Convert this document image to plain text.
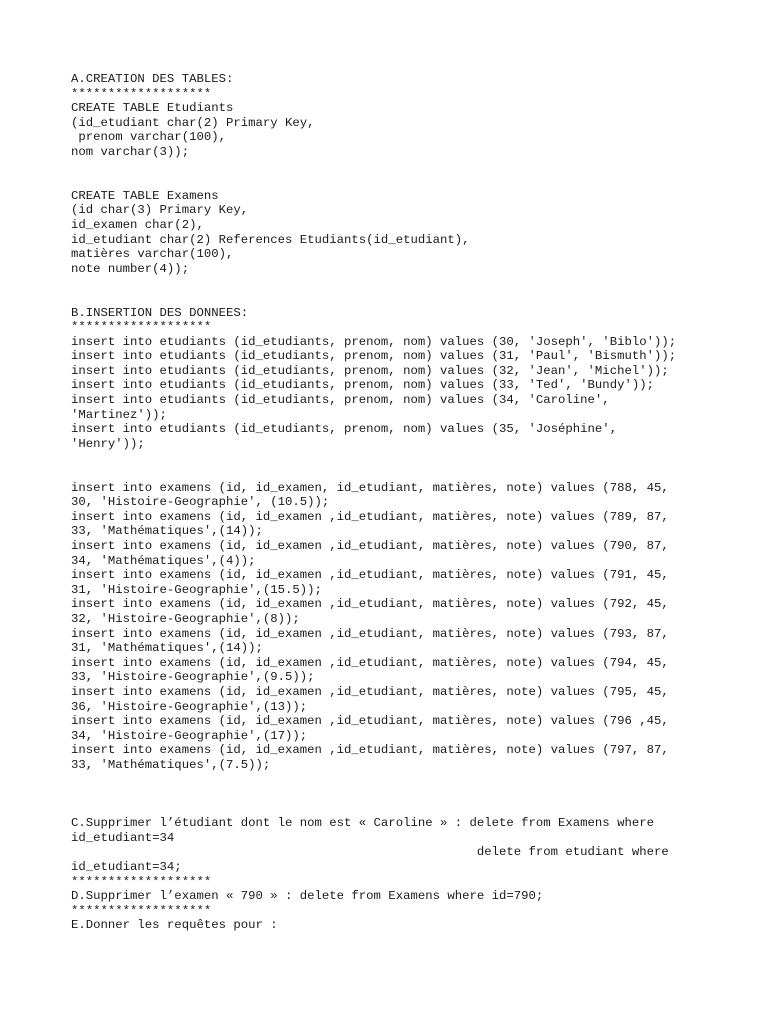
A.CREATION DES TABLES:
*******************
CREATE TABLE Etudiants
(id_etudiant char(2) Primary Key,
prenom varchar(100),
nom varchar(3));
CREATE TABLE Examens
(id char(3) Primary Key,
id_examen char(2),
id_etudiant char(2) References Etudiants(id_etudiant),
matières varchar(100),
note number(4));
B.INSERTION DES DONNEES:
*******************
insert into etudiants (id_etudiants, prenom, nom) values (30, 'Joseph', 'Biblo'));
insert into etudiants (id_etudiants, prenom, nom) values (31, 'Paul', 'Bismuth'));
insert into etudiants (id_etudiants, prenom, nom) values (32, 'Jean', 'Michel'));
insert into etudiants (id_etudiants, prenom, nom) values (33, 'Ted', 'Bundy'));
insert into etudiants (id_etudiants, prenom, nom) values (34, 'Caroline',
'Martinez'));
insert into etudiants (id_etudiants, prenom, nom) values (35, 'Joséphine',
'Henry'));
insert into examens (id, id_examen, id_etudiant, matières, note) values (788, 45,
30, 'Histoire-Geographie', (10.5));
insert into examens (id, id_examen ,id_etudiant, matières, note) values (789, 87,
33, 'Mathématiques',(14));
insert into examens (id, id_examen ,id_etudiant, matières, note) values (790, 87,
34, 'Mathématiques',(4));
insert into examens (id, id_examen ,id_etudiant, matières, note) values (791, 45,
31, 'Histoire-Geographie',(15.5));
insert into examens (id, id_examen ,id_etudiant, matières, note) values (792, 45,
32, 'Histoire-Geographie',(8));
insert into examens (id, id_examen ,id_etudiant, matières, note) values (793, 87,
31, 'Mathématiques',(14));
insert into examens (id, id_examen ,id_etudiant, matières, note) values (794, 45,
33, 'Histoire-Geographie',(9.5));
insert into examens (id, id_examen ,id_etudiant, matières, note) values (795, 45,
36, 'Histoire-Geographie',(13));
insert into examens (id, id_examen ,id_etudiant, matières, note) values (796 ,45,
34, 'Histoire-Geographie',(17));
insert into examens (id, id_examen ,id_etudiant, matières, note) values (797, 87,
33, 'Mathématiques',(7.5));
C.Supprimer l’étudiant dont le nom est « Caroline » : delete from Examens where
id_etudiant=34
delete from etudiant where
id_etudiant=34;
*******************
D.Supprimer l’examen « 790 » : delete from Examens where id=790;
*******************
E.Donner les requêtes pour :
